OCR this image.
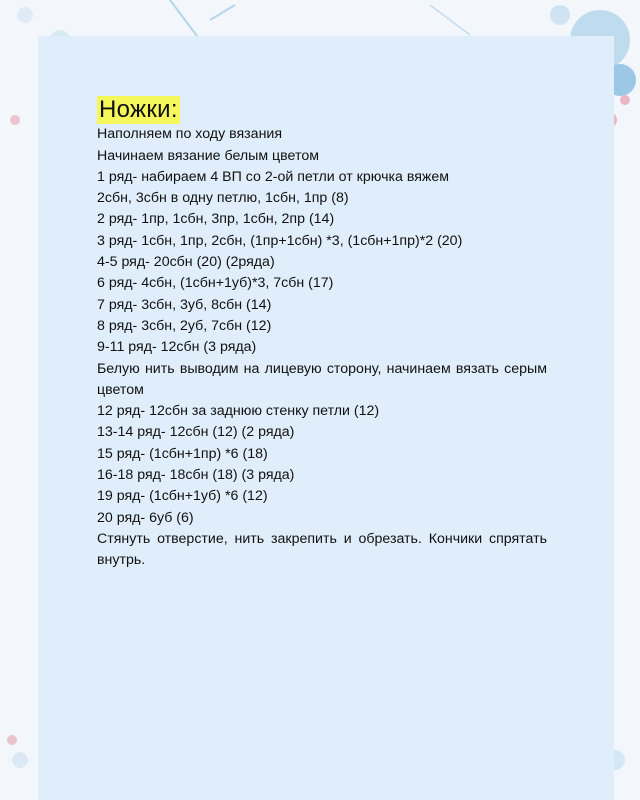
Ножки:
Наполняем по ходу вязания
Начинаем вязание белым цветом
1 ряд- набираем 4 ВП со 2-ой петли от крючка вяжем
2сбн, 3сбн в одну петлю, 1сбн, 1пр (8)
2 ряд- 1пр, 1сбн, 3пр, 1сбн, 2пр (14)
3 ряд- 1сбн, 1пр, 2сбн, (1пр+1сбн) *3, (1сбн+1пр)*2 (20)
4-5 ряд- 20сбн (20) (2ряда)
6 ряд- 4сбн, (1сбн+1уб)*3, 7сбн (17)
7 ряд- 3сбн, 3уб, 8сбн (14)
8 ряд- 3сбн, 2уб, 7сбн (12)
9-11 ряд- 12сбн (3 ряда)
Белую нить выводим на лицевую сторону, начинаем вязать серым цветом
12 ряд- 12сбн за заднюю стенку петли (12)
13-14 ряд- 12сбн (12) (2 ряда)
15 ряд- (1сбн+1пр) *6 (18)
16-18 ряд- 18сбн (18) (3 ряда)
19 ряд- (1сбн+1уб) *6 (12)
20 ряд- 6уб (6)
Стянуть отверстие, нить закрепить и обрезать. Кончики спрятать внутрь.
